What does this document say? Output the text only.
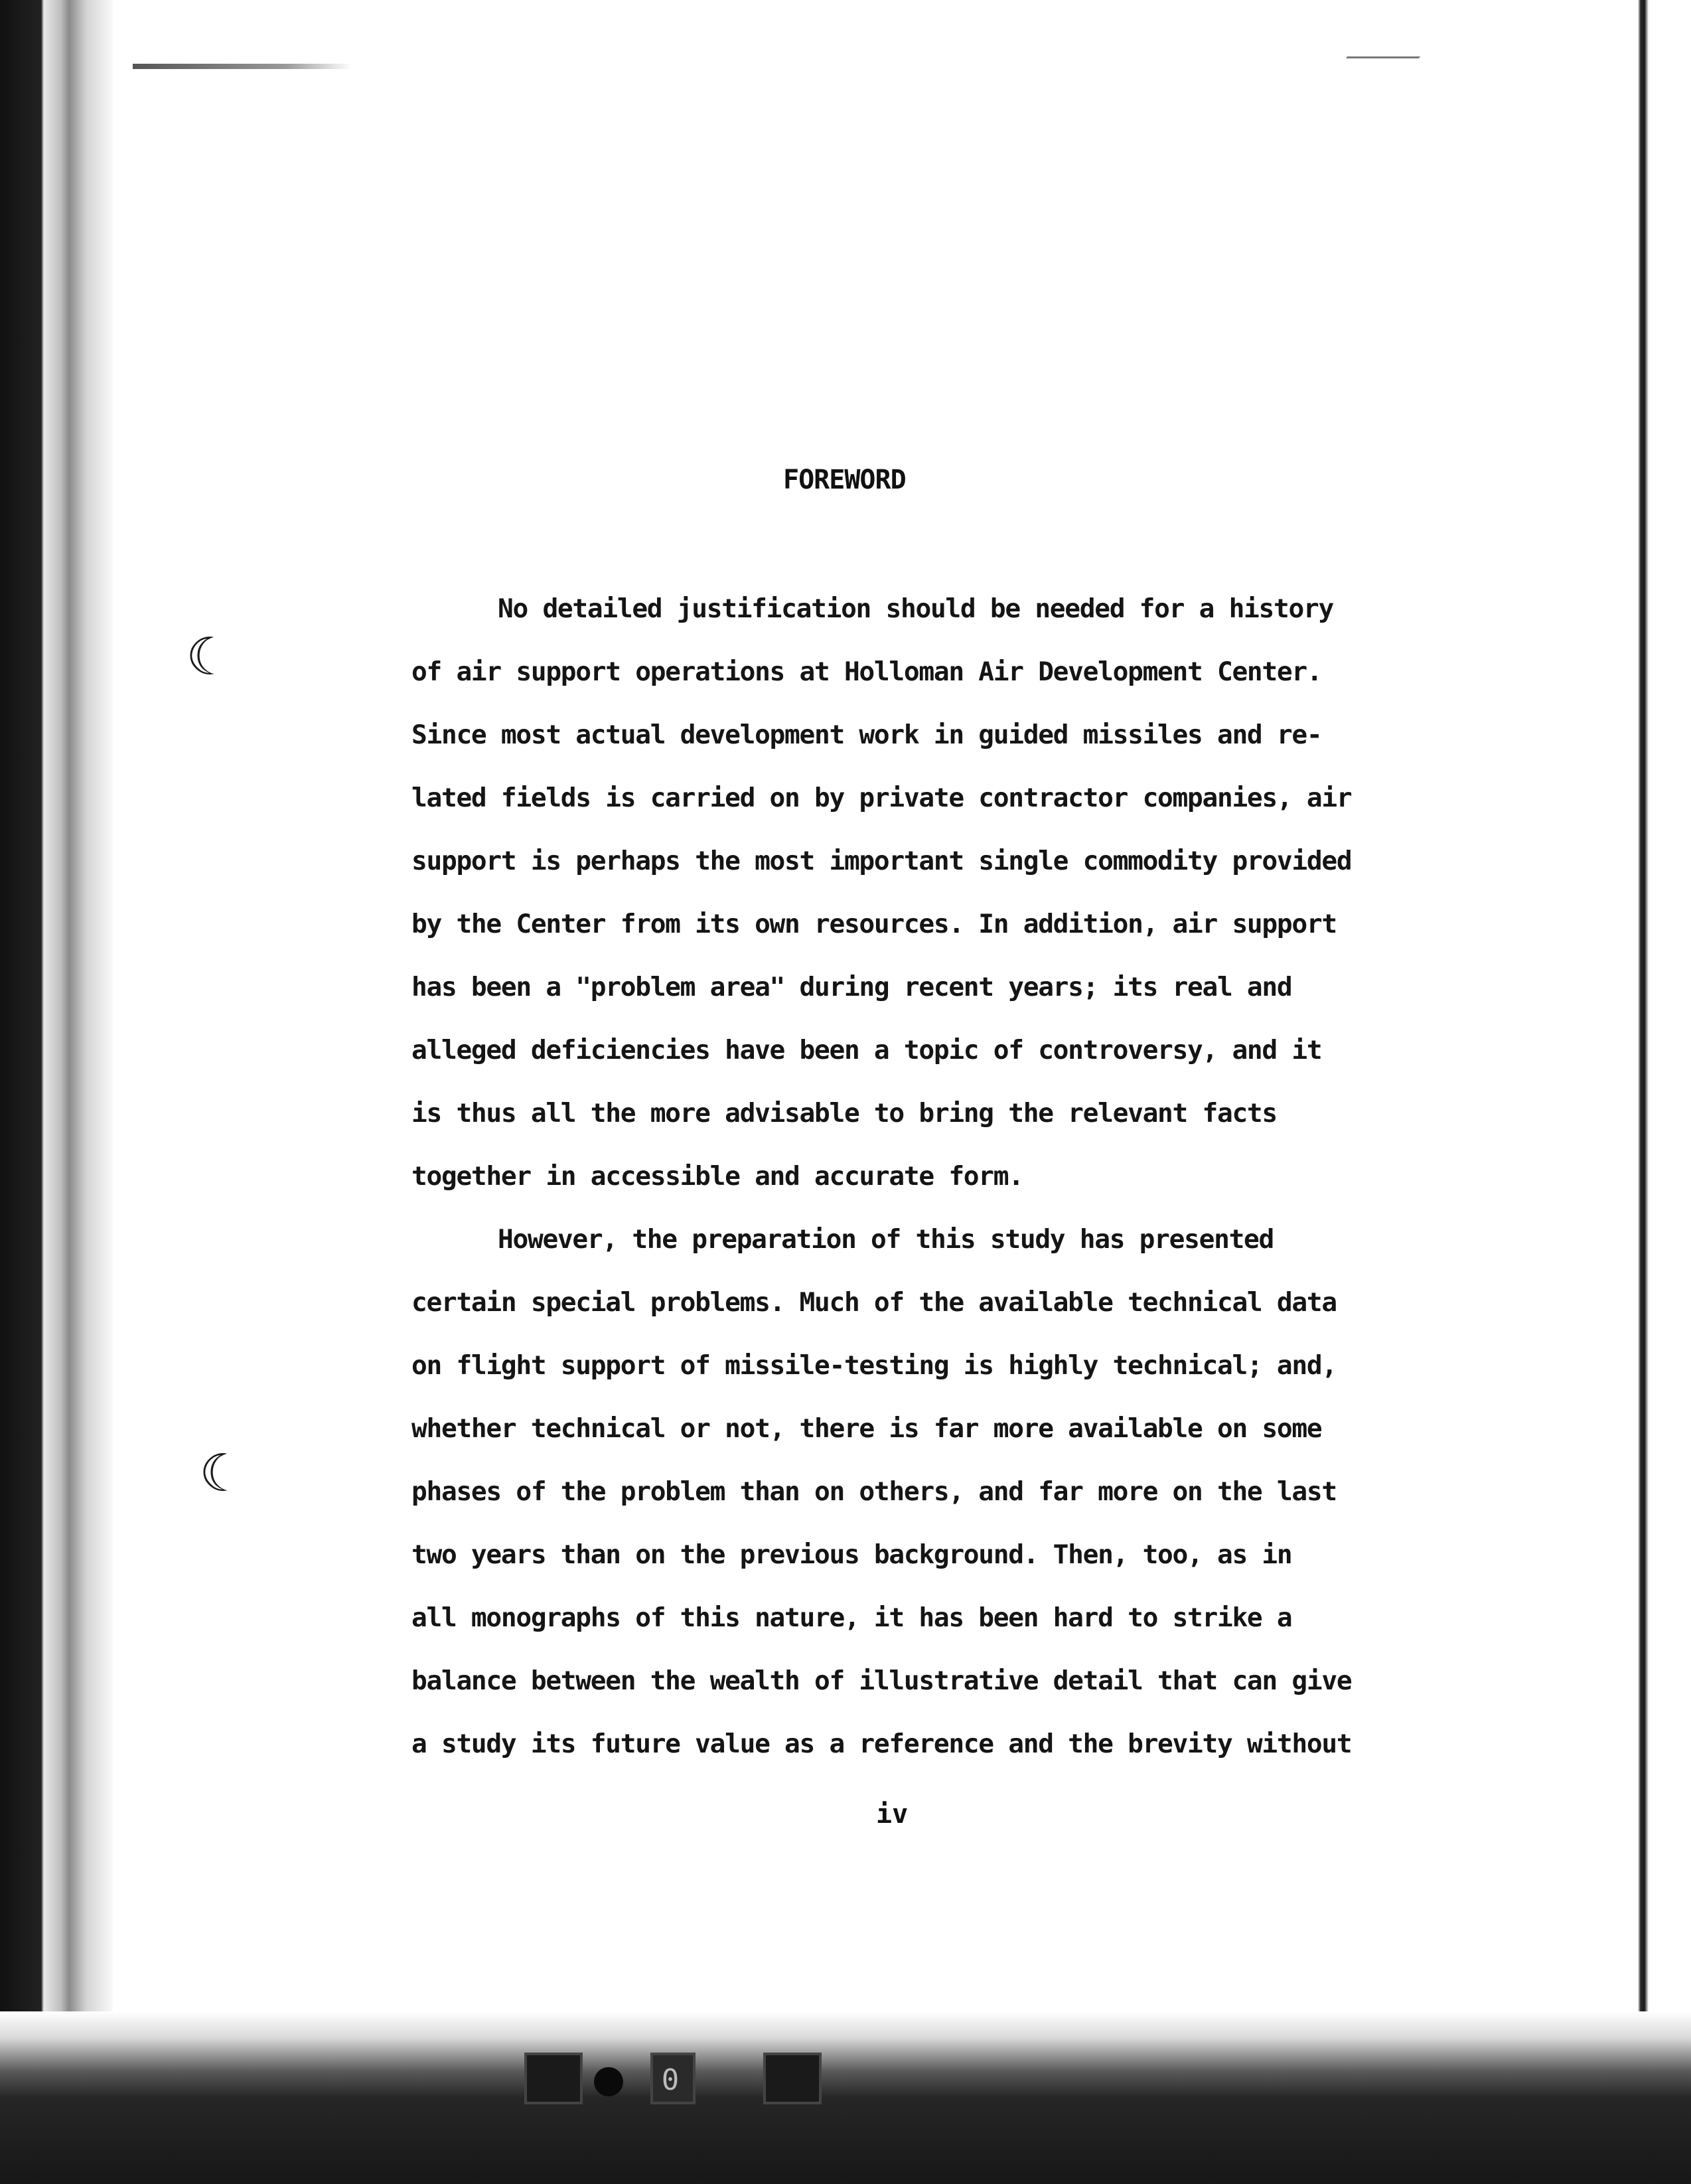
☾
☾
FOREWORD
No detailed justification should be needed for a history
of air support operations at Holloman Air Development Center.
Since most actual development work in guided missiles and re-
lated fields is carried on by private contractor companies, air
support is perhaps the most important single commodity provided
by the Center from its own resources. In addition, air support
has been a "problem area" during recent years; its real and
alleged deficiencies have been a topic of controversy, and it
is thus all the more advisable to bring the relevant facts
together in accessible and accurate form.
However, the preparation of this study has presented
certain special problems. Much of the available technical data
on flight support of missile-testing is highly technical; and,
whether technical or not, there is far more available on some
phases of the problem than on others, and far more on the last
two years than on the previous background. Then, too, as in
all monographs of this nature, it has been hard to strike a
balance between the wealth of illustrative detail that can give
a study its future value as a reference and the brevity without
iv
0
